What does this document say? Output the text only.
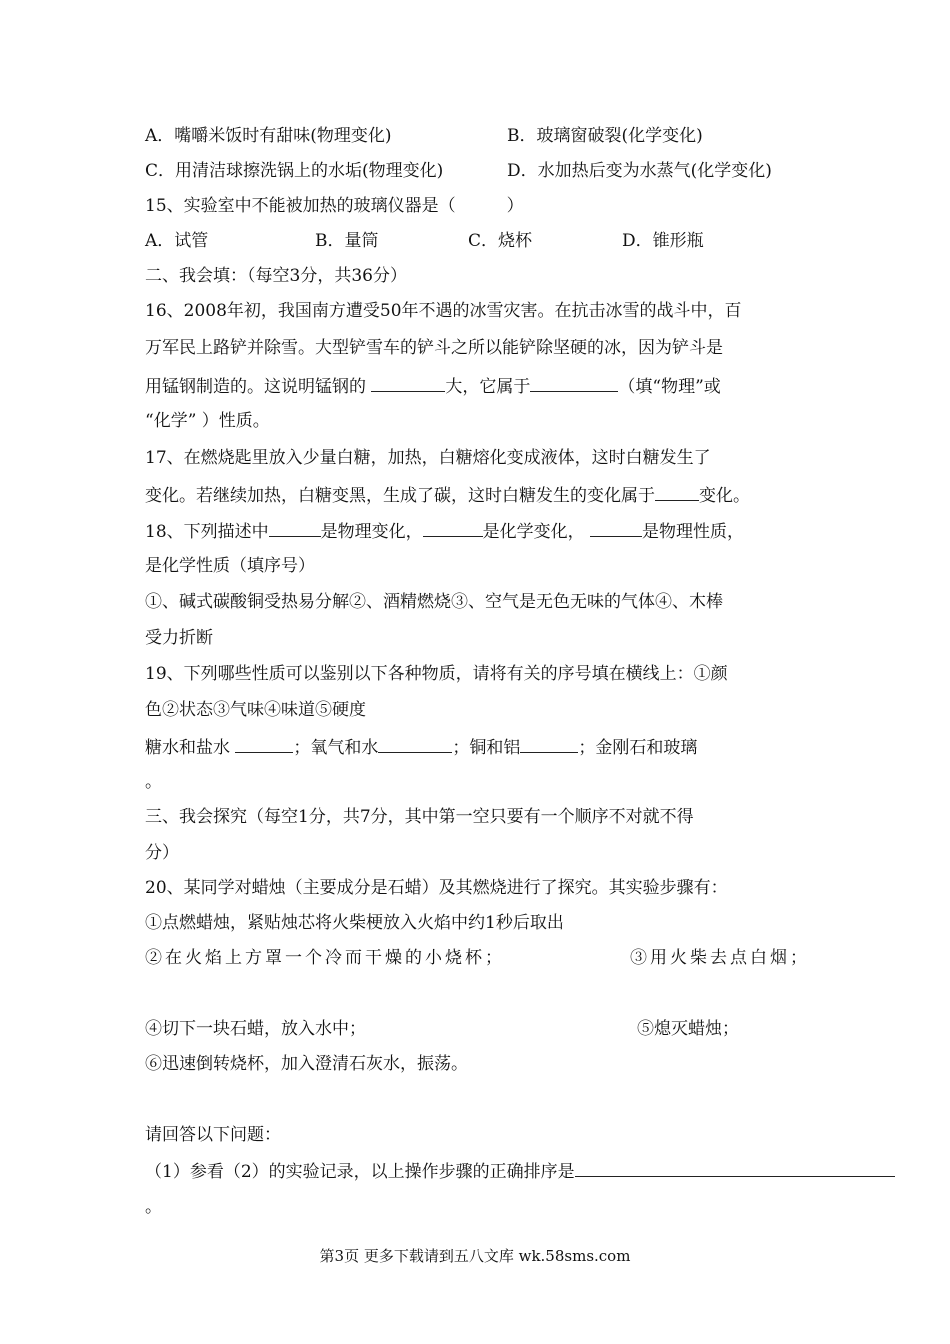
A．嘴嚼米饭时有甜味(物理变化)	B．玻璃窗破裂(化学变化)
C．用清洁球擦洗锅上的水垢(物理变化)	D．水加热后变为水蒸气(化学变化)
15、实验室中不能被加热的玻璃仪器是（　　　）
A．试管	B．量筒	C．烧杯	D．锥形瓶
二、我会填：（每空3分，共36分）
16、2008年初，我国南方遭受50年不遇的冰雪灾害。在抗击冰雪的战斗中，百
万军民上路铲并除雪。大型铲雪车的铲斗之所以能铲除坚硬的冰，因为铲斗是
用锰钢制造的。这说明锰钢的	大，它属于	（填“物理”或
“化学” ）性质。
17、在燃烧匙里放入少量白糖，加热，白糖熔化变成液体，这时白糖发生了
变化。若继续加热，白糖变黑，生成了碳，这时白糖发生的变化属于	变化。
18、下列描述中	是物理变化，	是化学变化，	是物理性质，
是化学性质（填序号）
①、碱式碳酸铜受热易分解②、酒精燃烧③、空气是无色无味的气体④、木棒
受力折断
19、下列哪些性质可以鉴别以下各种物质，请将有关的序号填在横线上：①颜
色②状态③气味④味道⑤硬度
糖水和盐水	；氧气和水	；铜和铝	；金刚石和玻璃
。
三、我会探究（每空1分，共7分，其中第一空只要有一个顺序不对就不得
分）
20、某同学对蜡烛（主要成分是石蜡）及其燃烧进行了探究。其实验步骤有：
①点燃蜡烛，紧贴烛芯将火柴梗放入火焰中约1秒后取出
②在火焰上方罩一个冷而干燥的小烧杯；	③用火柴去点白烟；
④切下一块石蜡，放入水中；	⑤熄灭蜡烛；
⑥迅速倒转烧杯，加入澄清石灰水，振荡。
请回答以下问题：
（1）参看（2）的实验记录，以上操作步骤的正确排序是
。
第3页 更多下载请到五八文库 wk.58sms.com
